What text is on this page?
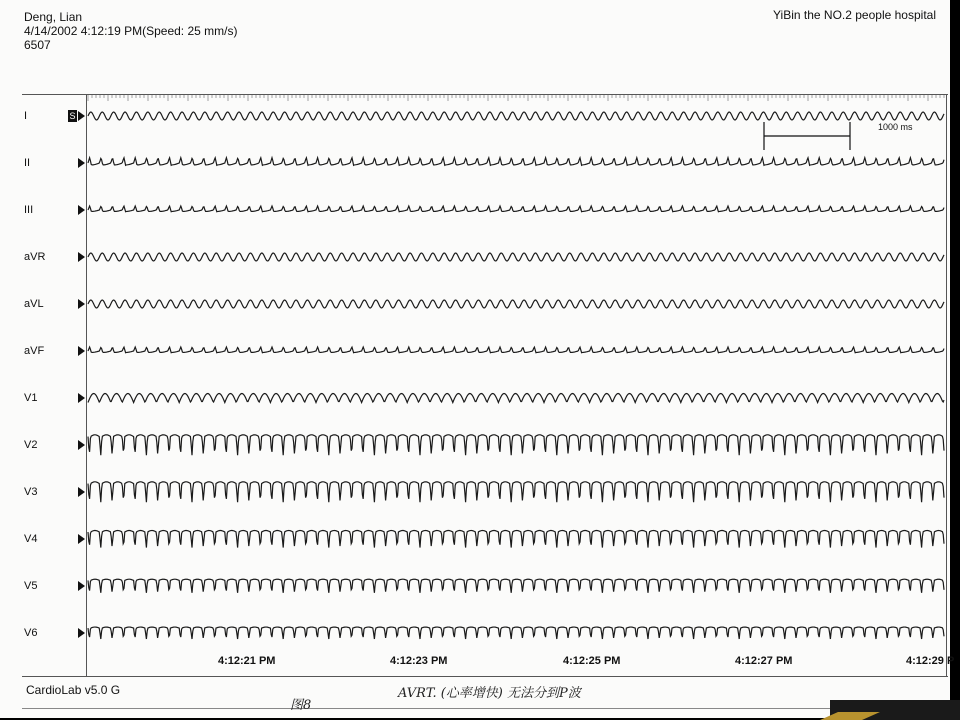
Deng, Lian
4/14/2002 4:12:19 PM(Speed: 25 mm/s)
6507
YiBin the NO.2 people hospital
I
II
III
aVR
aVL
aVF
V1
V2
V3
V4
V5
V6
S
1000 ms
4:12:21 PM	4:12:23 PM	4:12:25 PM	4:12:27 PM	4:12:29 P
CardioLab v5.0 G
图8
AVRT. (心率增快) 无法分到P波
